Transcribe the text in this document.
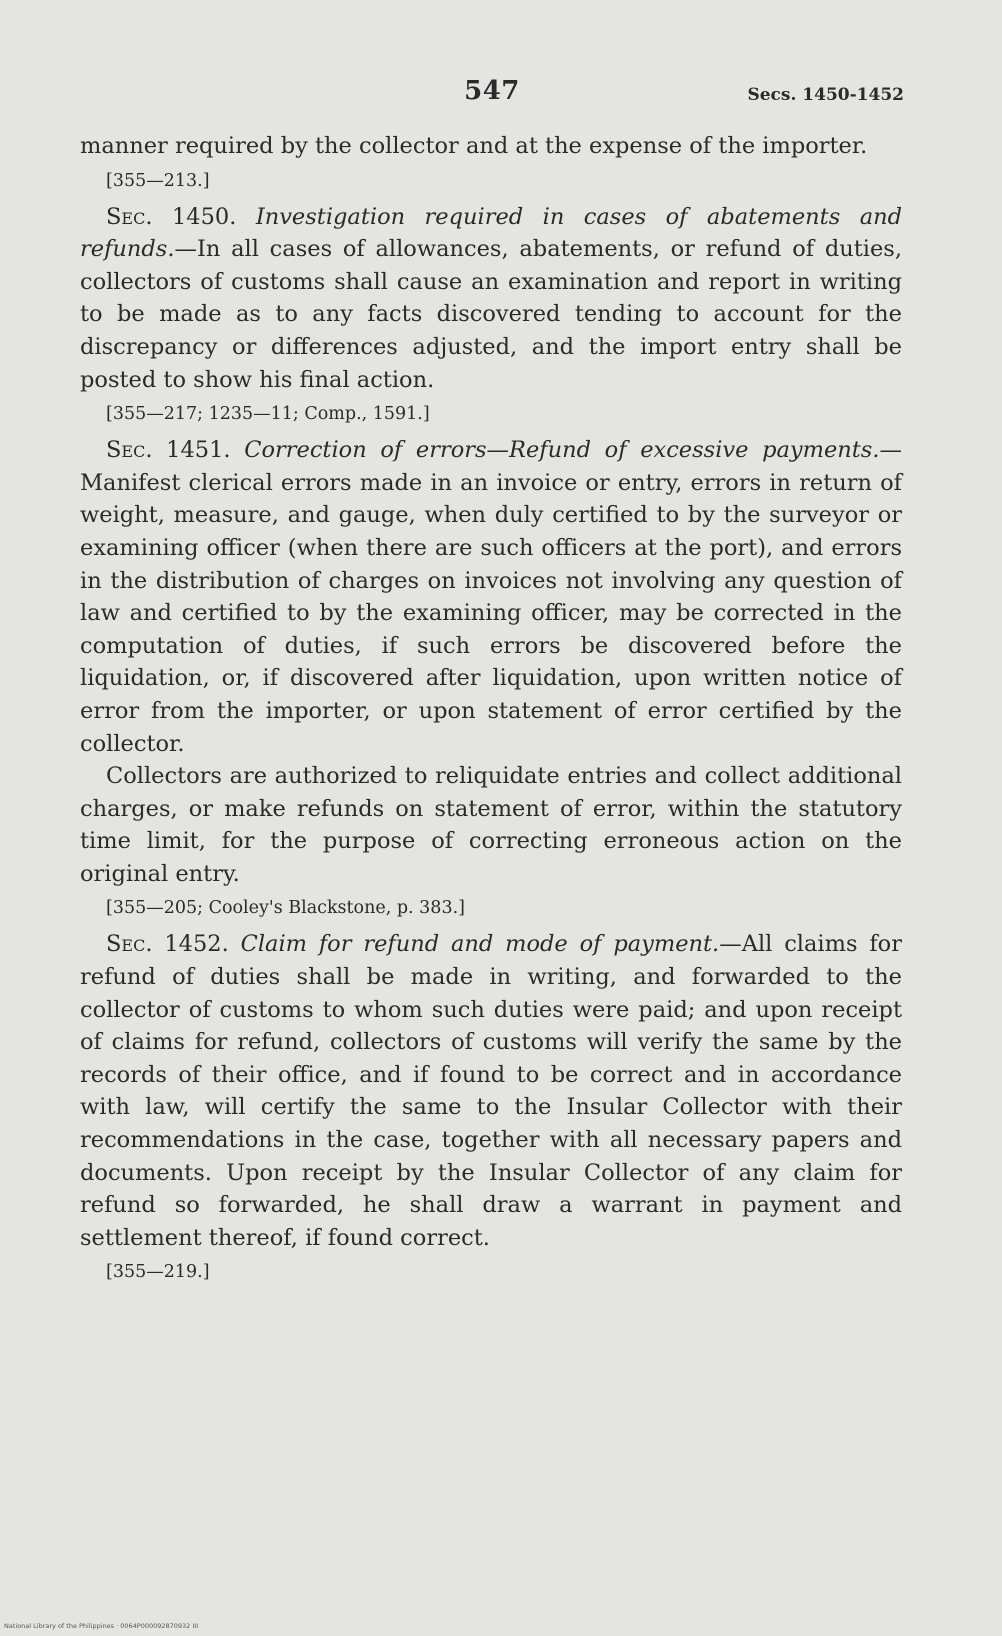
547	Secs. 1450-1452

manner required by the collector and at the expense of the importer.

[355—213.]

Sec. 1450. Investigation required in cases of abatements and refunds.—In all cases of allowances, abatements, or refund of duties, collectors of customs shall cause an examination and report in writing to be made as to any facts discovered tending to account for the discrepancy or differences adjusted, and the import entry shall be posted to show his final action.

[355—217; 1235—11; Comp., 1591.]

Sec. 1451. Correction of errors—Refund of excessive payments.—Manifest clerical errors made in an invoice or entry, errors in return of weight, measure, and gauge, when duly certified to by the surveyor or examining officer (when there are such officers at the port), and errors in the distribution of charges on invoices not involving any question of law and certified to by the examining officer, may be corrected in the computation of duties, if such errors be discovered before the liquidation, or, if discovered after liquidation, upon written notice of error from the importer, or upon statement of error certified by the collector.

Collectors are authorized to reliquidate entries and collect additional charges, or make refunds on statement of error, within the statutory time limit, for the purpose of correcting erroneous action on the original entry.

[355—205; Cooley's Blackstone, p. 383.]

Sec. 1452. Claim for refund and mode of payment.—All claims for refund of duties shall be made in writing, and forwarded to the collector of customs to whom such duties were paid; and upon receipt of claims for refund, collectors of customs will verify the same by the records of their office, and if found to be correct and in accordance with law, will certify the same to the Insular Collector with their recommendations in the case, together with all necessary papers and documents. Upon receipt by the Insular Collector of any claim for refund so forwarded, he shall draw a warrant in payment and settlement thereof, if found correct.

[355—219.]

National Library of the Philippines · 0064P000092870932 III
